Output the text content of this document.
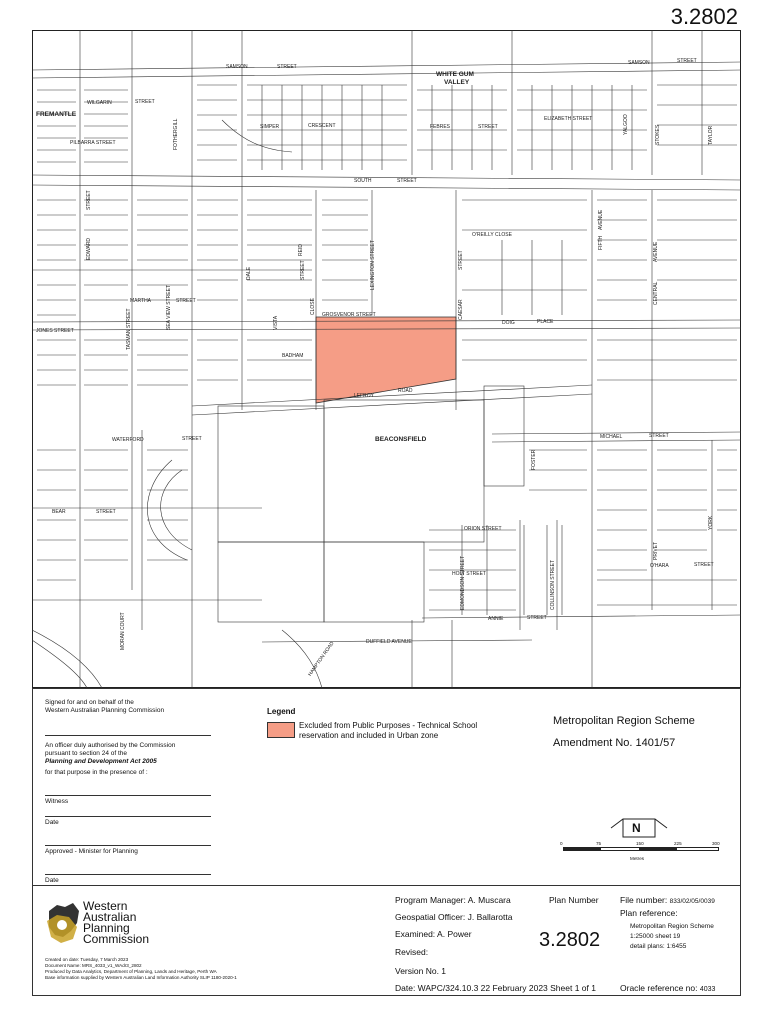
3.2802
SAMSON	STREET
SAMSON	STREET
WHITE GUM
VALLEY
FREMANTLE
WILGARIN	STREET
SIMPER	CRESCENT	FEBRES	STREET
ELIZABETH STREET
PILBARRA STREET
SOUTH	STREET
O'REILLY CLOSE
DOIG	PLACE
MARTHA	STREET
JONES STREET
GROSVENOR STREET
BADHAM
LEFROY
ROAD
BEACONSFIELD
WATERFORD	STREET	MICHAEL	STREET
BEAR	STREET
ORION STREET
O'HARA	STREET
ANNIE	STREET
DUFFIELD AVENUE
HOLT STREET
EDWARD
STREET
REID
STREET	LEXINGTON STREET	FIFTH
AVENUE
CENTRAL
AVENUE
CAESAR
STREET
DALE
VISTA
CLOSE
FOSTER
COLLINSON STREET
EDMONDSON STREET
MORAN COURT
SEA VIEW STREET
FOTHERGILL	STOKES	TAYLOR
YALGOO
YORK
PRIVET
TASMAN STREET
HAMPTON ROAD
Signed for and on behalf of the
Western Australian Planning Commission
An officer duly authorised by the Commission
pursuant to section 24 of the
Planning and Development Act 2005
for that purpose in the presence of :
Witness
Date
Approved - Minister for Planning
Date
Legend
Excluded from Public Purposes - Technical School
reservation and included in Urban zone
Metropolitan Region Scheme
Amendment No. 1401/57
N
0	75	150	225	300
Metres
Western
Australian
Planning
Commission
Created on date: Tuesday, 7 March 2023
Document Name: MRS_4033_v1_WAdr3_2802
Produced by Data Analytics, Department of Planning, Lands and Heritage, Perth WA
Base information supplied by Western Australian Land Information Authority SLIP 1180-2020-1
Program Manager: A. Muscara
Geospatial Officer: J. Ballarotta
Examined: A. Power
Revised:
Version No. 1
Date: WAPC/324.10.3 22 February 2023 Sheet 1 of 1
Plan Number
3.2802
File number: 833/02/05/0039
Plan reference:
Metropolitan Region Scheme
1:25000 sheet 19
detail plans: 1:6455
Oracle reference no: 4033
